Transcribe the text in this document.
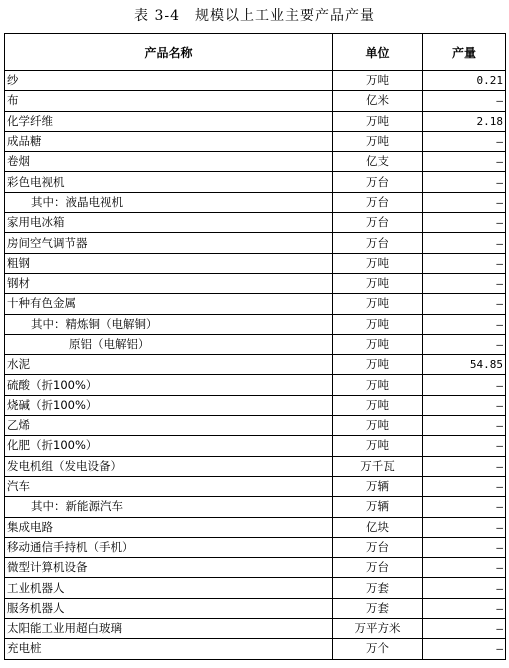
表 3-4　规模以上工业主要产品产量
产品名称	单位	产量
纱	万吨	0.21
布	亿米	–
化学纤维	万吨	2.18
成品糖	万吨	–
卷烟	亿支	–
彩色电视机	万台	–
其中：液晶电视机	万台	–
家用电冰箱	万台	–
房间空气调节器	万台	–
粗钢	万吨	–
钢材	万吨	–
十种有色金属	万吨	–
其中：精炼铜（电解铜）	万吨	–
原铝（电解铝）	万吨	–
水泥	万吨	54.85
硫酸（折100%）	万吨	–
烧碱（折100%）	万吨	–
乙烯	万吨	–
化肥（折100%）	万吨	–
发电机组（发电设备）	万千瓦	–
汽车	万辆	–
其中：新能源汽车	万辆	–
集成电路	亿块	–
移动通信手持机（手机）	万台	–
微型计算机设备	万台	–
工业机器人	万套	–
服务机器人	万套	–
太阳能工业用超白玻璃	万平方米	–
充电桩	万个	–
